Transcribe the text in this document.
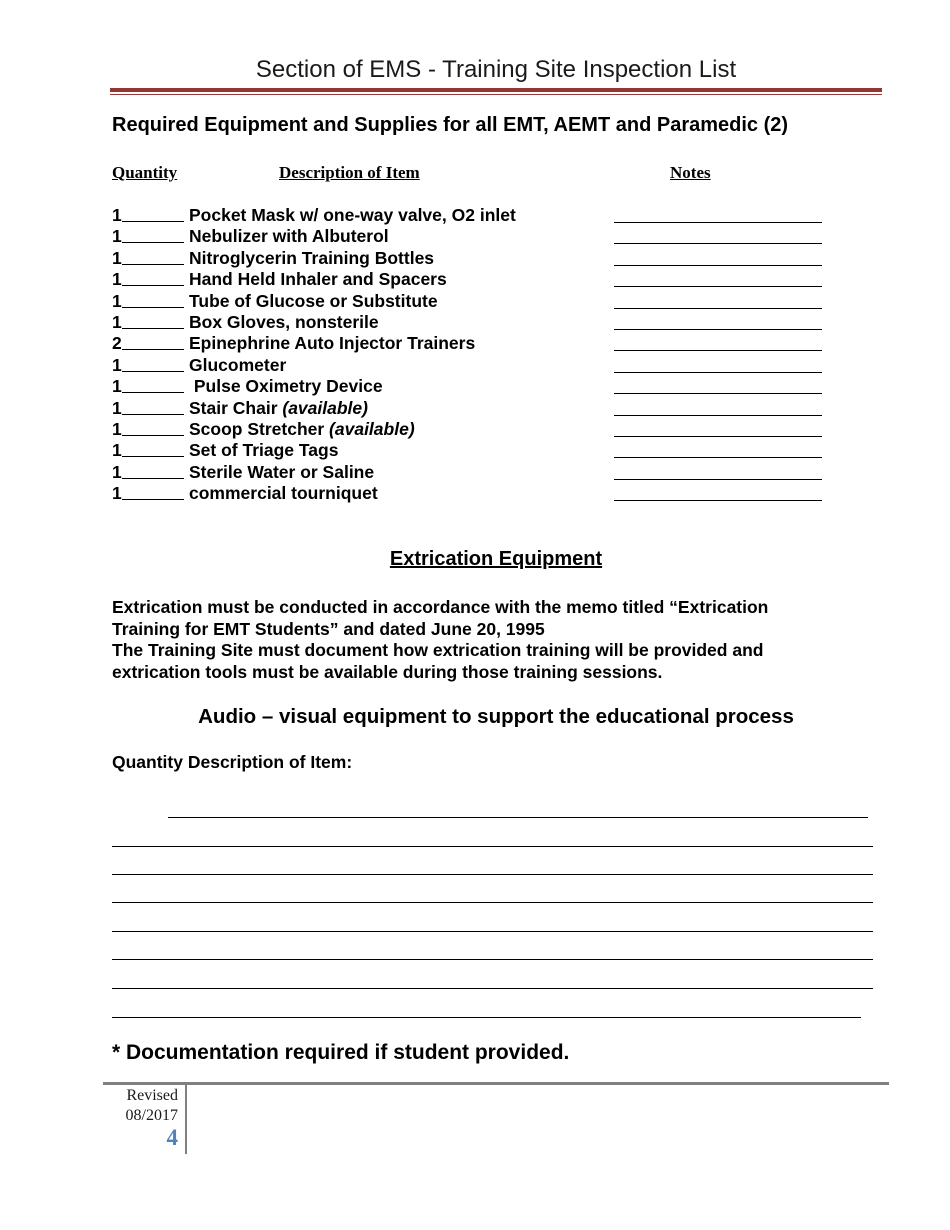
Section of EMS - Training Site Inspection List
Required Equipment and Supplies for all EMT, AEMT and Paramedic (2)
Quantity	Description of Item	Notes
1	Pocket Mask w/ one-way valve, O2 inlet
1	Nebulizer with Albuterol
1	Nitroglycerin Training Bottles
1	Hand Held Inhaler and Spacers
1	Tube of Glucose or Substitute
1	Box Gloves, nonsterile
2	Epinephrine Auto Injector Trainers
1	Glucometer
1	Pulse Oximetry Device
1	Stair Chair (available)
1	Scoop Stretcher (available)
1	Set of Triage Tags
1	Sterile Water or Saline
1	commercial tourniquet
Extrication Equipment
Extrication must be conducted in accordance with the memo titled “Extrication Training for EMT Students” and dated June 20, 1995
The Training Site must document how extrication training will be provided and extrication tools must be available during those training sessions.
Audio – visual equipment to support the educational process
Quantity Description of Item:
* Documentation required if student provided.
Revised
08/2017
4
